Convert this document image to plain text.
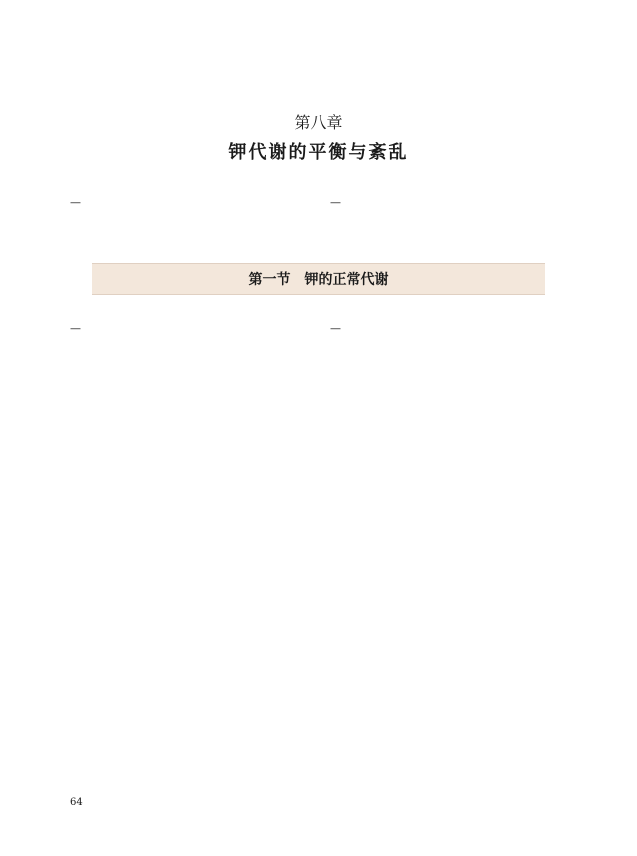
第八章
钾代谢的平衡与紊乱

—	—

第一节　钾的正常代谢

—	—

64
